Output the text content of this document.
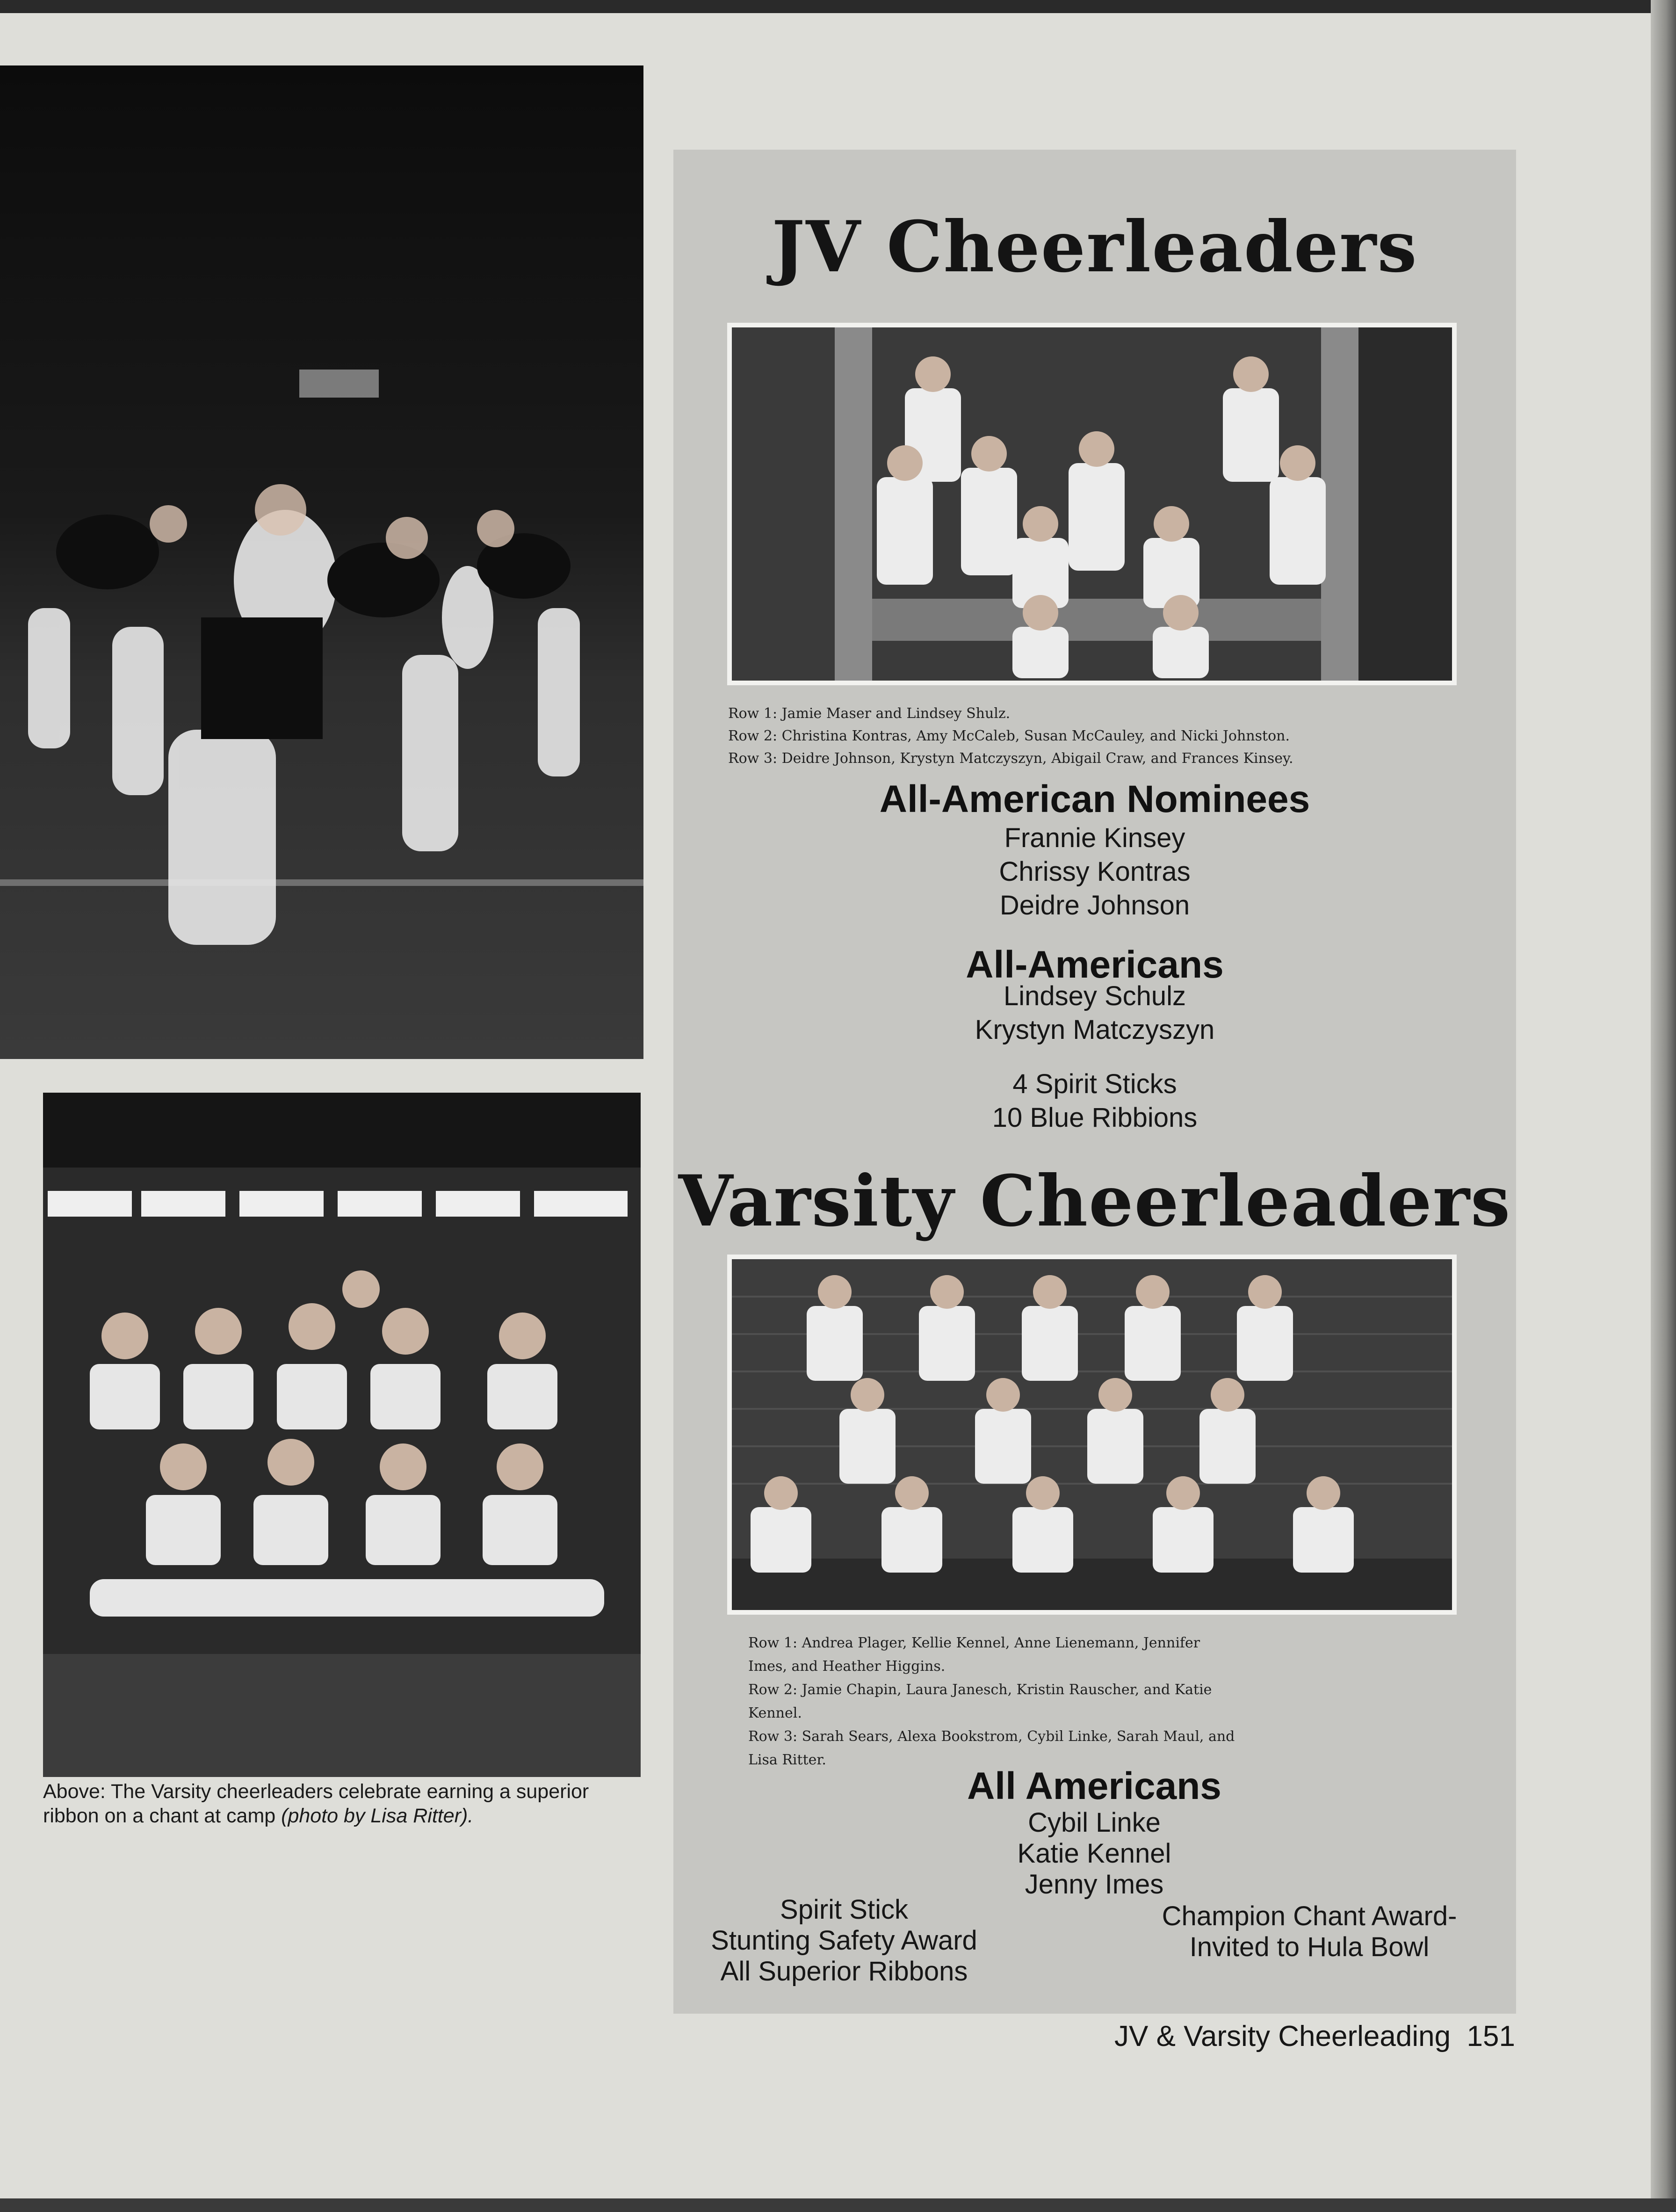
Above: The Varsity cheerleaders celebrate earning a superior ribbon on a chant at camp (photo by Lisa Ritter).
JV Cheerleaders
Row 1: Jamie Maser and Lindsey Shulz.
Row 2: Christina Kontras, Amy McCaleb, Susan McCauley, and Nicki Johnston.
Row 3: Deidre Johnson, Krystyn Matczyszyn, Abigail Craw, and Frances Kinsey.
All-American Nominees
Frannie Kinsey
Chrissy Kontras
Deidre Johnson
All-Americans
Lindsey Schulz
Krystyn Matczyszyn
4 Spirit Sticks
10 Blue Ribbions
Varsity Cheerleaders
Row 1: Andrea Plager, Kellie Kennel, Anne Lienemann, Jennifer
Imes, and Heather Higgins.
Row 2: Jamie Chapin, Laura Janesch, Kristin Rauscher, and Katie
Kennel.
Row 3: Sarah Sears, Alexa Bookstrom, Cybil Linke, Sarah Maul, and
Lisa Ritter.
All Americans
Cybil Linke
Katie Kennel
Jenny Imes
Spirit Stick
Stunting Safety Award
All Superior Ribbons
Champion Chant Award-
Invited to Hula Bowl
JV & Varsity Cheerleading 151
